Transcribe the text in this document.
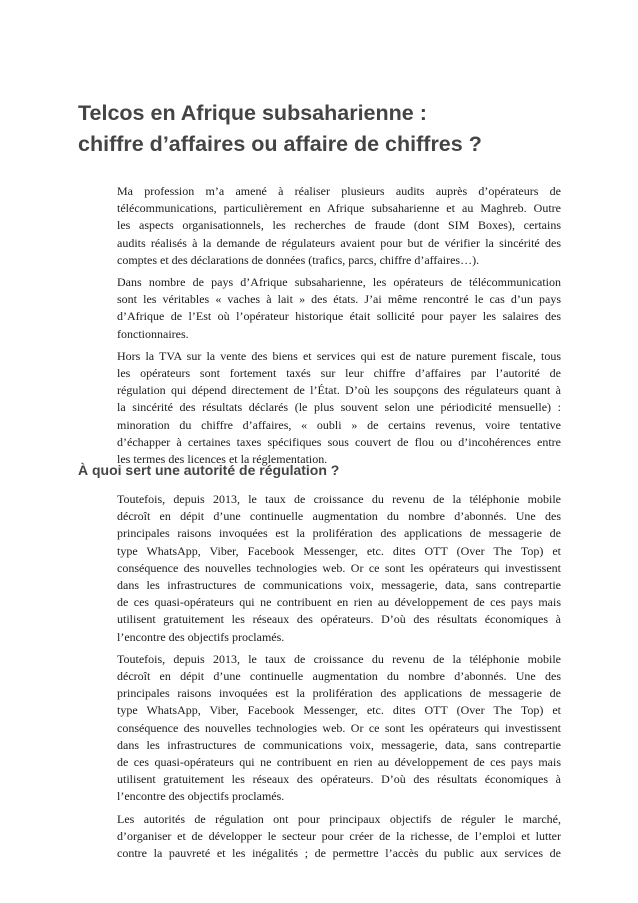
Telcos en Afrique subsaharienne :
chiffre d’affaires ou affaire de chiffres ?

Ma profession m’a amené à réaliser plusieurs audits auprès d’opérateurs de
télécommunications, particulièrement en Afrique subsaharienne et au Maghreb. Outre
les aspects organisationnels, les recherches de fraude (dont SIM Boxes), certains
audits réalisés à la demande de régulateurs avaient pour but de vérifier la sincérité des
comptes et des déclarations de données (trafics, parcs, chiffre d’affaires…).

Dans nombre de pays d’Afrique subsaharienne, les opérateurs de télécommunication
sont les véritables « vaches à lait » des états. J’ai même rencontré le cas d’un pays
d’Afrique de l’Est où l’opérateur historique était sollicité pour payer les salaires des
fonctionnaires.

Hors la TVA sur la vente des biens et services qui est de nature purement fiscale, tous
les opérateurs sont fortement taxés sur leur chiffre d’affaires par l’autorité de
régulation qui dépend directement de l’État. D’où les soupçons des régulateurs quant à
la sincérité des résultats déclarés (le plus souvent selon une périodicité mensuelle) :
minoration du chiffre d’affaires, « oubli » de certains revenus, voire tentative
d’échapper à certaines taxes spécifiques sous couvert de flou ou d’incohérences entre
les termes des licences et la réglementation.

À quoi sert une autorité de régulation ?

Toutefois, depuis 2013, le taux de croissance du revenu de la téléphonie mobile
décroît en dépit d’une continuelle augmentation du nombre d’abonnés. Une des
principales raisons invoquées est la prolifération des applications de messagerie de
type WhatsApp, Viber, Facebook Messenger, etc. dites OTT (Over The Top) et
conséquence des nouvelles technologies web. Or ce sont les opérateurs qui investissent
dans les infrastructures de communications voix, messagerie, data, sans contrepartie
de ces quasi-opérateurs qui ne contribuent en rien au développement de ces pays mais
utilisent gratuitement les réseaux des opérateurs. D’où des résultats économiques à
l’encontre des objectifs proclamés.

Toutefois, depuis 2013, le taux de croissance du revenu de la téléphonie mobile
décroît en dépit d’une continuelle augmentation du nombre d’abonnés. Une des
principales raisons invoquées est la prolifération des applications de messagerie de
type WhatsApp, Viber, Facebook Messenger, etc. dites OTT (Over The Top) et
conséquence des nouvelles technologies web. Or ce sont les opérateurs qui investissent
dans les infrastructures de communications voix, messagerie, data, sans contrepartie
de ces quasi-opérateurs qui ne contribuent en rien au développement de ces pays mais
utilisent gratuitement les réseaux des opérateurs. D’où des résultats économiques à
l’encontre des objectifs proclamés.

Les autorités de régulation ont pour principaux objectifs de réguler le marché,
d’organiser et de développer le secteur pour créer de la richesse, de l’emploi et lutter
contre la pauvreté et les inégalités ; de permettre l’accès du public aux services de
